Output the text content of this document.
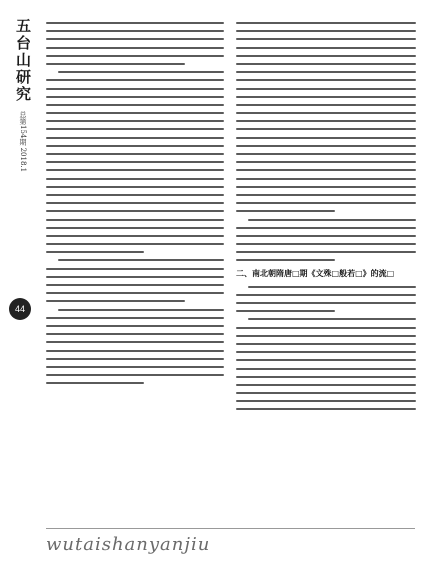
五台山研究
总第154期 2018.1
44
二、南北朝隋唐□期《文殊□般若□》的流□
wutaishanyanjiu
